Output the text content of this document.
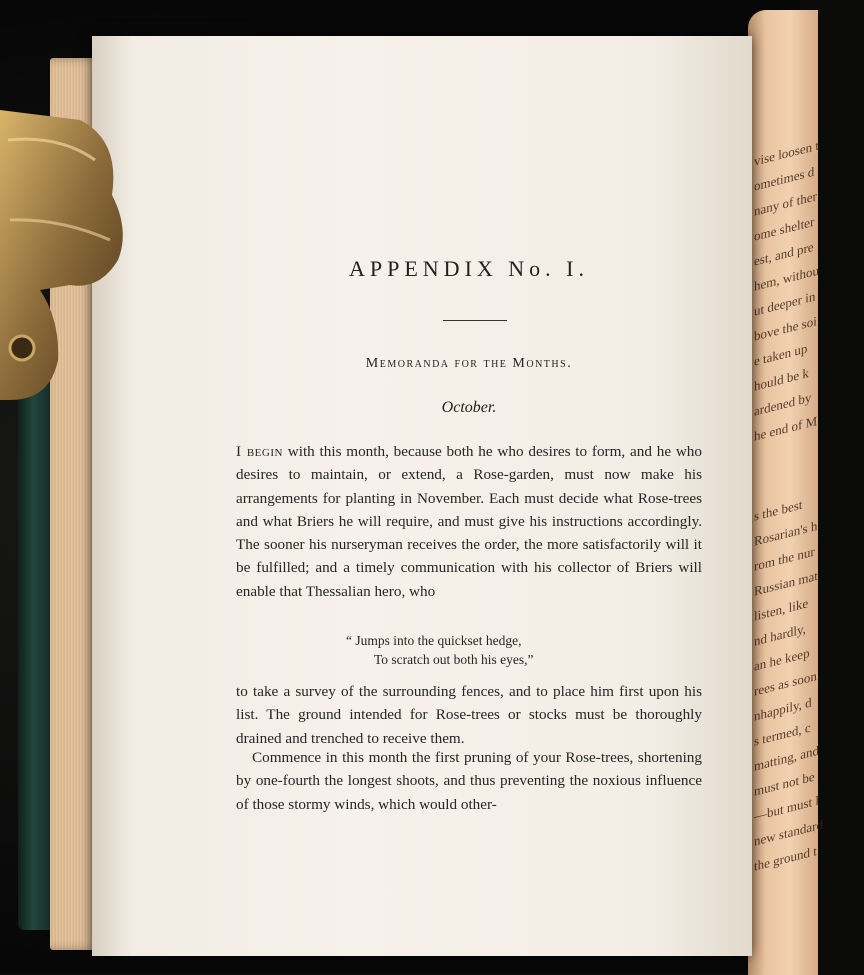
vise loosen t
ometimes d
nany of ther
ome shelter
est, and pre
hem, withou
ut deeper in
bove the soi
e taken up
hould be k
ardened by
he end of M
s the best
Rosarian's h
rom the nur
Russian mat
listen, like
nd hardly,
an he keep
rees as soon
nhappily, d
s termed, c
matting, and
must not be
—but must l
new standard
the ground t
APPENDIX No. I.
Memoranda for the Months.
October.

I begin with this month, because both he who desires to form, and he who desires to maintain, or extend, a Rose-garden, must now make his arrangements for planting in November. Each must decide what Rose-trees and what Briers he will require, and must give his instructions accordingly. The sooner his nurseryman receives the order, the more satisfactorily will it be fulfilled; and a timely communication with his collector of Briers will enable that Thessalian hero, who

“ Jumps into the quickset hedge,
To scratch out both his eyes,”

to take a survey of the surrounding fences, and to place him first upon his list. The ground intended for Rose-trees or stocks must be thoroughly drained and trenched to receive them.

Commence in this month the first pruning of your Rose-trees, shortening by one-fourth the longest shoots, and thus preventing the noxious influence of those stormy winds, which would other-
